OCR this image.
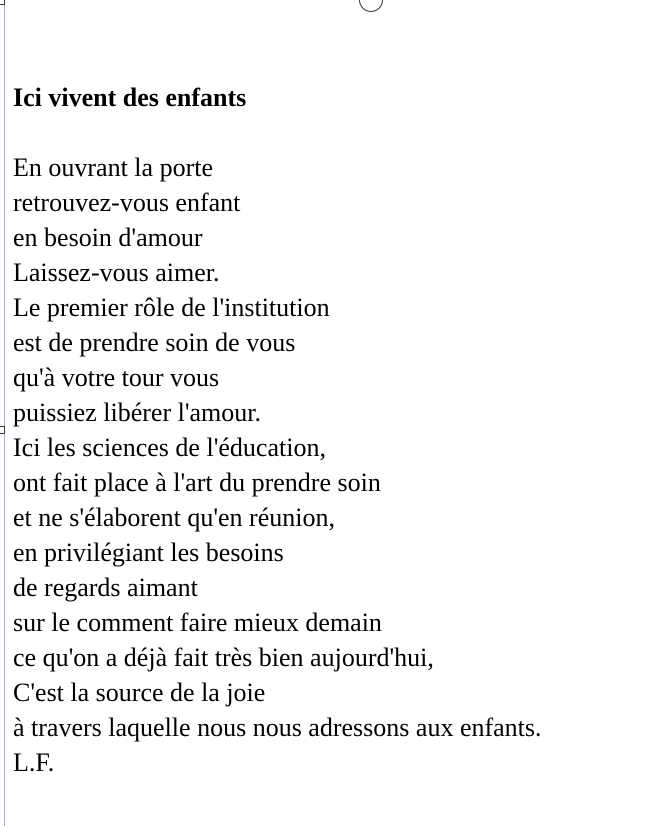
Ici vivent des enfants
En ouvrant la porte
retrouvez-vous enfant
en besoin d'amour
Laissez-vous aimer.
Le premier rôle de l'institution
est de prendre soin de vous
qu'à votre tour vous
puissiez libérer l'amour.
Ici les sciences de l'éducation,
ont fait place à l'art du prendre soin
et ne s'élaborent qu'en réunion,
en privilégiant les besoins
de regards aimant
sur le comment faire mieux demain
ce qu'on a déjà fait très bien aujourd'hui,
C'est la source de la joie
à travers laquelle nous nous adressons aux enfants.
L.F.
